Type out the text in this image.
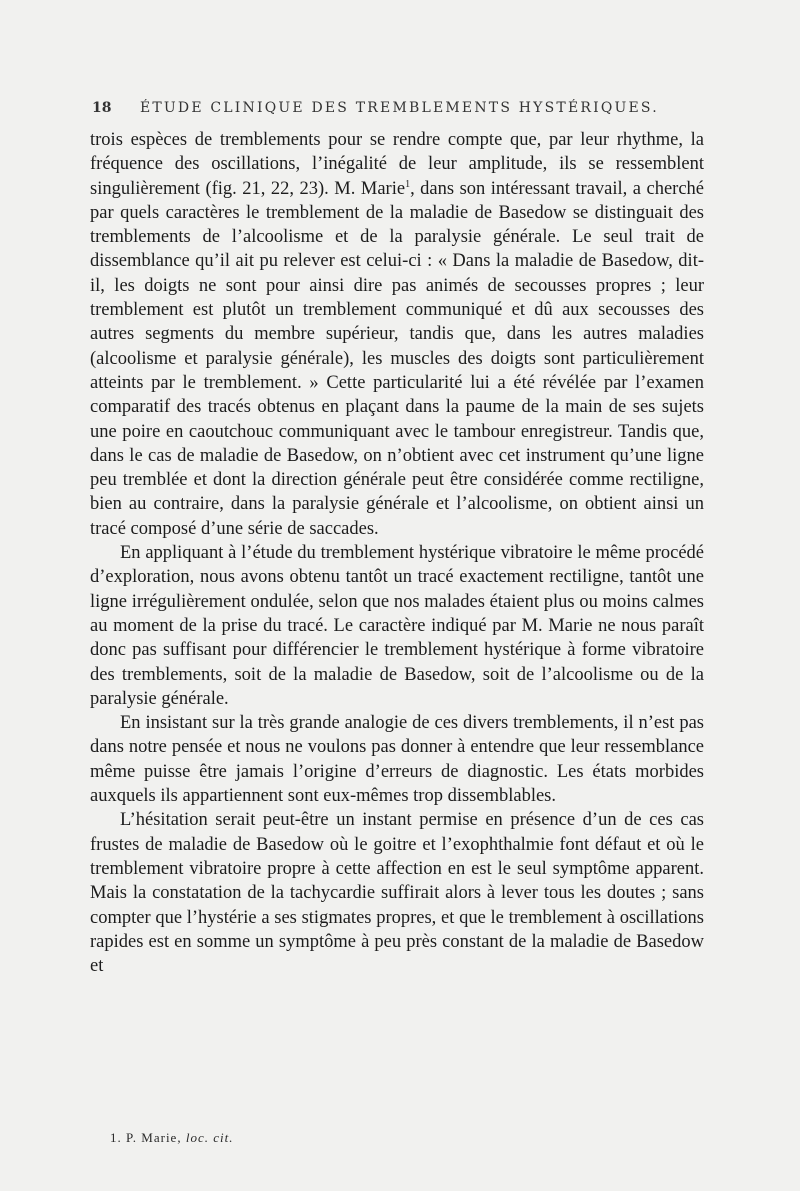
18 ÉTUDE CLINIQUE DES TREMBLEMENTS HYSTÉRIQUES.

trois espèces de tremblements pour se rendre compte que, par leur rhythme, la fréquence des oscillations, l’inégalité de leur amplitude, ils se ressemblent singulièrement (fig. 21, 22, 23). M. Marie$^1$, dans son intéressant travail, a cherché par quels caractères le tremblement de la maladie de Basedow se distinguait des tremblements de l’alcoolisme et de la paralysie générale. Le seul trait de dissemblance qu’il ait pu relever est celui-ci : « Dans la maladie de Basedow, dit-il, les doigts ne sont pour ainsi dire pas animés de secousses propres ; leur tremblement est plutôt un tremblement communiqué et dû aux secousses des autres segments du membre supérieur, tandis que, dans les autres maladies (alcoolisme et paralysie générale), les muscles des doigts sont particulièrement atteints par le tremblement. » Cette particularité lui a été révélée par l’examen comparatif des tracés obtenus en plaçant dans la paume de la main de ses sujets une poire en caoutchouc communiquant avec le tambour enregistreur. Tandis que, dans le cas de maladie de Basedow, on n’obtient avec cet instrument qu’une ligne peu tremblée et dont la direction générale peut être considérée comme rectiligne, bien au contraire, dans la paralysie générale et l’alcoolisme, on obtient ainsi un tracé composé d’une série de saccades.

En appliquant à l’étude du tremblement hystérique vibratoire le même procédé d’exploration, nous avons obtenu tantôt un tracé exactement rectiligne, tantôt une ligne irrégulièrement ondulée, selon que nos malades étaient plus ou moins calmes au moment de la prise du tracé. Le caractère indiqué par M. Marie ne nous paraît donc pas suffisant pour différencier le tremblement hystérique à forme vibratoire des tremblements, soit de la maladie de Basedow, soit de l’alcoolisme ou de la paralysie générale.

En insistant sur la très grande analogie de ces divers tremblements, il n’est pas dans notre pensée et nous ne voulons pas donner à entendre que leur ressemblance même puisse être jamais l’origine d’erreurs de diagnostic. Les états morbides auxquels ils appartiennent sont eux-mêmes trop dissemblables.

L’hésitation serait peut-être un instant permise en présence d’un de ces cas frustes de maladie de Basedow où le goitre et l’exophthalmie font défaut et où le tremblement vibratoire propre à cette affection en est le seul symptôme apparent. Mais la constatation de la tachycardie suffirait alors à lever tous les doutes ; sans compter que l’hystérie a ses stigmates propres, et que le tremblement à oscillations rapides est en somme un symptôme à peu près constant de la maladie de Basedow et

1. P. Marie, loc. cit.
